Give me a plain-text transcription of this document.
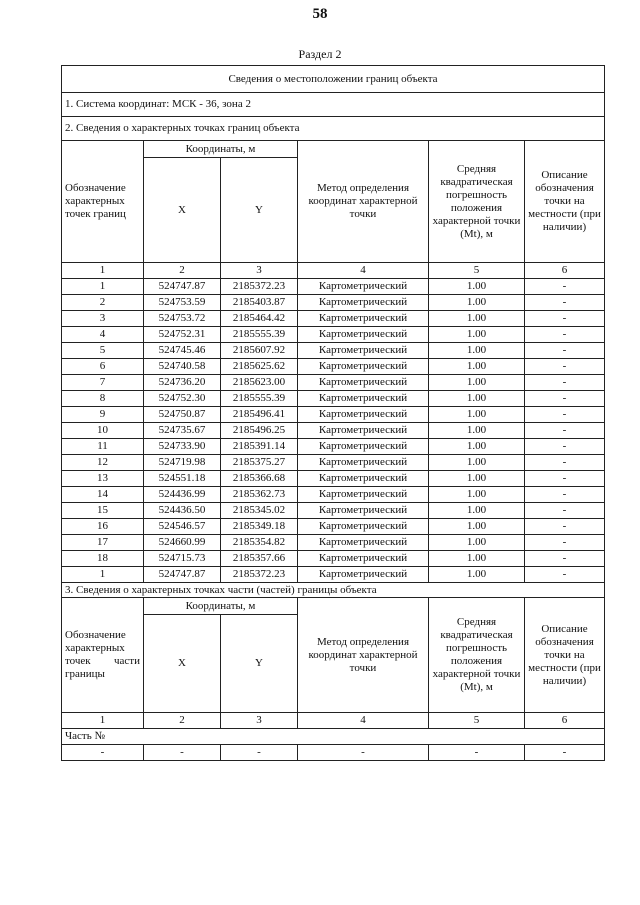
58
Раздел 2
Сведения о местоположении границ объекта					
1. Система координат: МСК - 36, зона 2					
2. Сведения о характерных точках границ объекта					
Обозначение характерных точек границ	Координаты, м		Метод определения координат характерной точки	Средняя квадратическая погрешность положения характерной точки (Mt), м	Описание обозначения точки на местности (при наличии)
	X	Y			
1	2	3	4	5	6
1	524747.87	2185372.23	Картометрический	1.00	-
2	524753.59	2185403.87	Картометрический	1.00	-
3	524753.72	2185464.42	Картометрический	1.00	-
4	524752.31	2185555.39	Картометрический	1.00	-
5	524745.46	2185607.92	Картометрический	1.00	-
6	524740.58	2185625.62	Картометрический	1.00	-
7	524736.20	2185623.00	Картометрический	1.00	-
8	524752.30	2185555.39	Картометрический	1.00	-
9	524750.87	2185496.41	Картометрический	1.00	-
10	524735.67	2185496.25	Картометрический	1.00	-
11	524733.90	2185391.14	Картометрический	1.00	-
12	524719.98	2185375.27	Картометрический	1.00	-
13	524551.18	2185366.68	Картометрический	1.00	-
14	524436.99	2185362.73	Картометрический	1.00	-
15	524436.50	2185345.02	Картометрический	1.00	-
16	524546.57	2185349.18	Картометрический	1.00	-
17	524660.99	2185354.82	Картометрический	1.00	-
18	524715.73	2185357.66	Картометрический	1.00	-
1	524747.87	2185372.23	Картометрический	1.00	-
3. Сведения о характерных точках части (частей) границы объекта					
Обозначение характерных точек части границы	Координаты, м		Метод определения координат характерной точки	Средняя квадратическая погрешность положения характерной точки (Mt), м	Описание обозначения точки на местности (при наличии)
	X	Y			
1	2	3	4	5	6
Часть №					
-	-	-	-	-	-
